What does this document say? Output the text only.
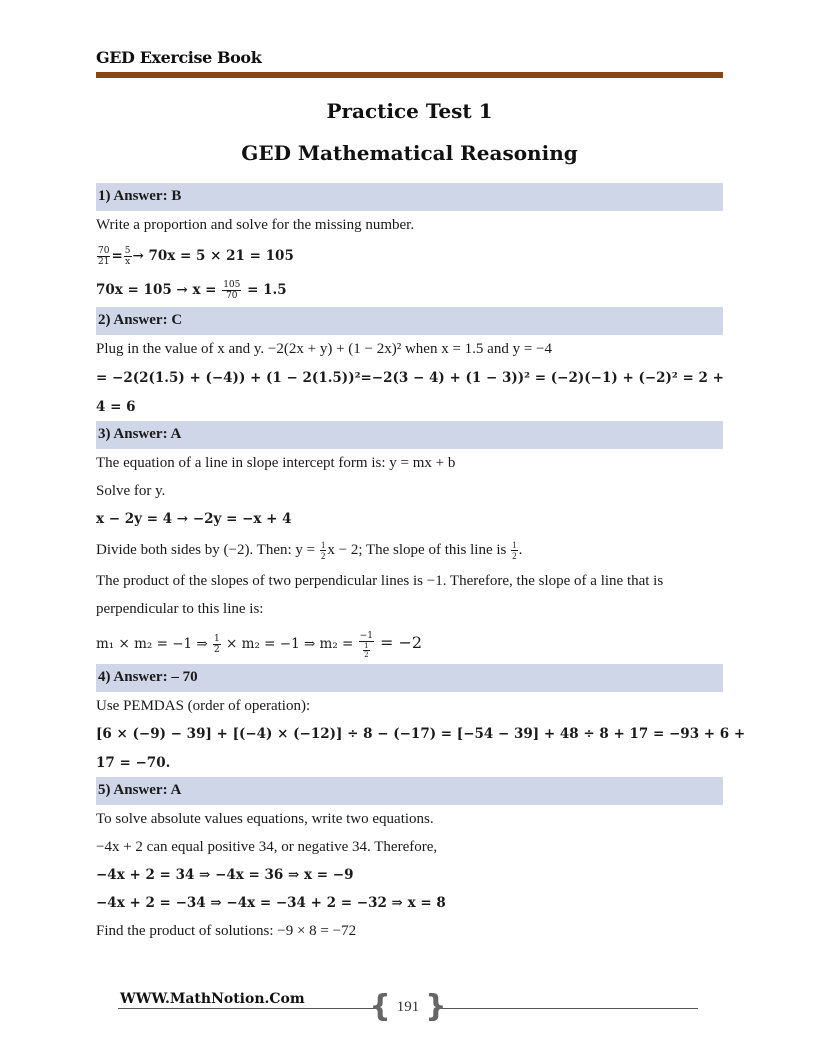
GED Exercise Book
Practice Test 1
GED Mathematical Reasoning
1) Answer: B
Write a proportion and solve for the missing number.
$\frac{70}{21} = \frac{5}{x} \to 70x = 5 \times 21 = 105$
$70x = 105 \to x = \frac{105}{70} = 1.5$
2) Answer: C
Plug in the value of x and y. −2(2x + y) + (1 − 2x)² when x = 1.5 and y = −4
= −2(2(1.5) + (−4)) + (1 − 2(1.5))²=−2(3 − 4) + (1 − 3))² = (−2)(−1) + (−2)² = 2 +
4 = 6
3) Answer: A
The equation of a line in slope intercept form is: y = mx + b
Solve for y.
x − 2y = 4 → −2y = −x + 4
Divide both sides by (−2). Then: $y = \frac{1}{2}$ x − 2; The slope of this line is $\frac{1}{2}$ .
The product of the slopes of two perpendicular lines is −1. Therefore, the slope of a line that is
perpendicular to this line is:
m₁ × m₂ = −1 ⇒ $\frac{1}{2} \times m_2 = -1$ ⇒ $m_2 = \frac{-1}{\frac{1}{2}} = -2$
4) Answer: – 70
Use PEMDAS (order of operation):
[6 × (−9) − 39] + [(−4) × (−12)] ÷ 8 − (−17) = [−54 − 39] + 48 ÷ 8 + 17 = −93 + 6 +
17 = −70.
5) Answer: A
To solve absolute values equations, write two equations.
−4x + 2 can equal positive 34, or negative 34. Therefore,
−4x + 2 = 34 ⇒ −4x = 36 ⇒ x = −9
−4x + 2 = −34 ⇒ −4x = −34 + 2 = −32 ⇒ x = 8
Find the product of solutions: −9 × 8 = −72
WWW.MathNotion.Com { 191 }
